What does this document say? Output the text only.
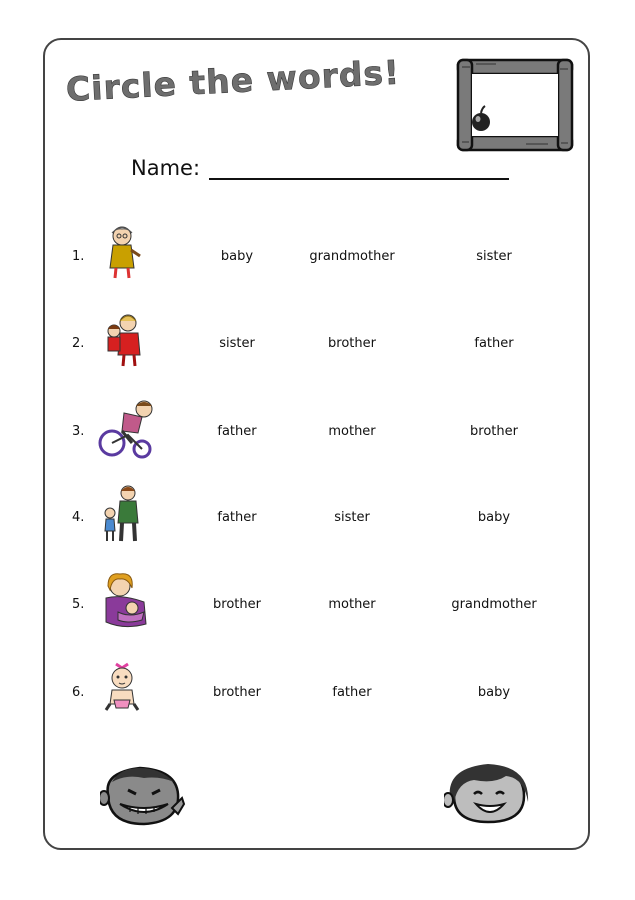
Circle the words!
Name:
1.	baby	grandmother	sister
2.	sister	brother	father
3.	father	mother	brother
4.	father	sister	baby
5.	brother	mother	grandmother
6.	brother	father	baby
